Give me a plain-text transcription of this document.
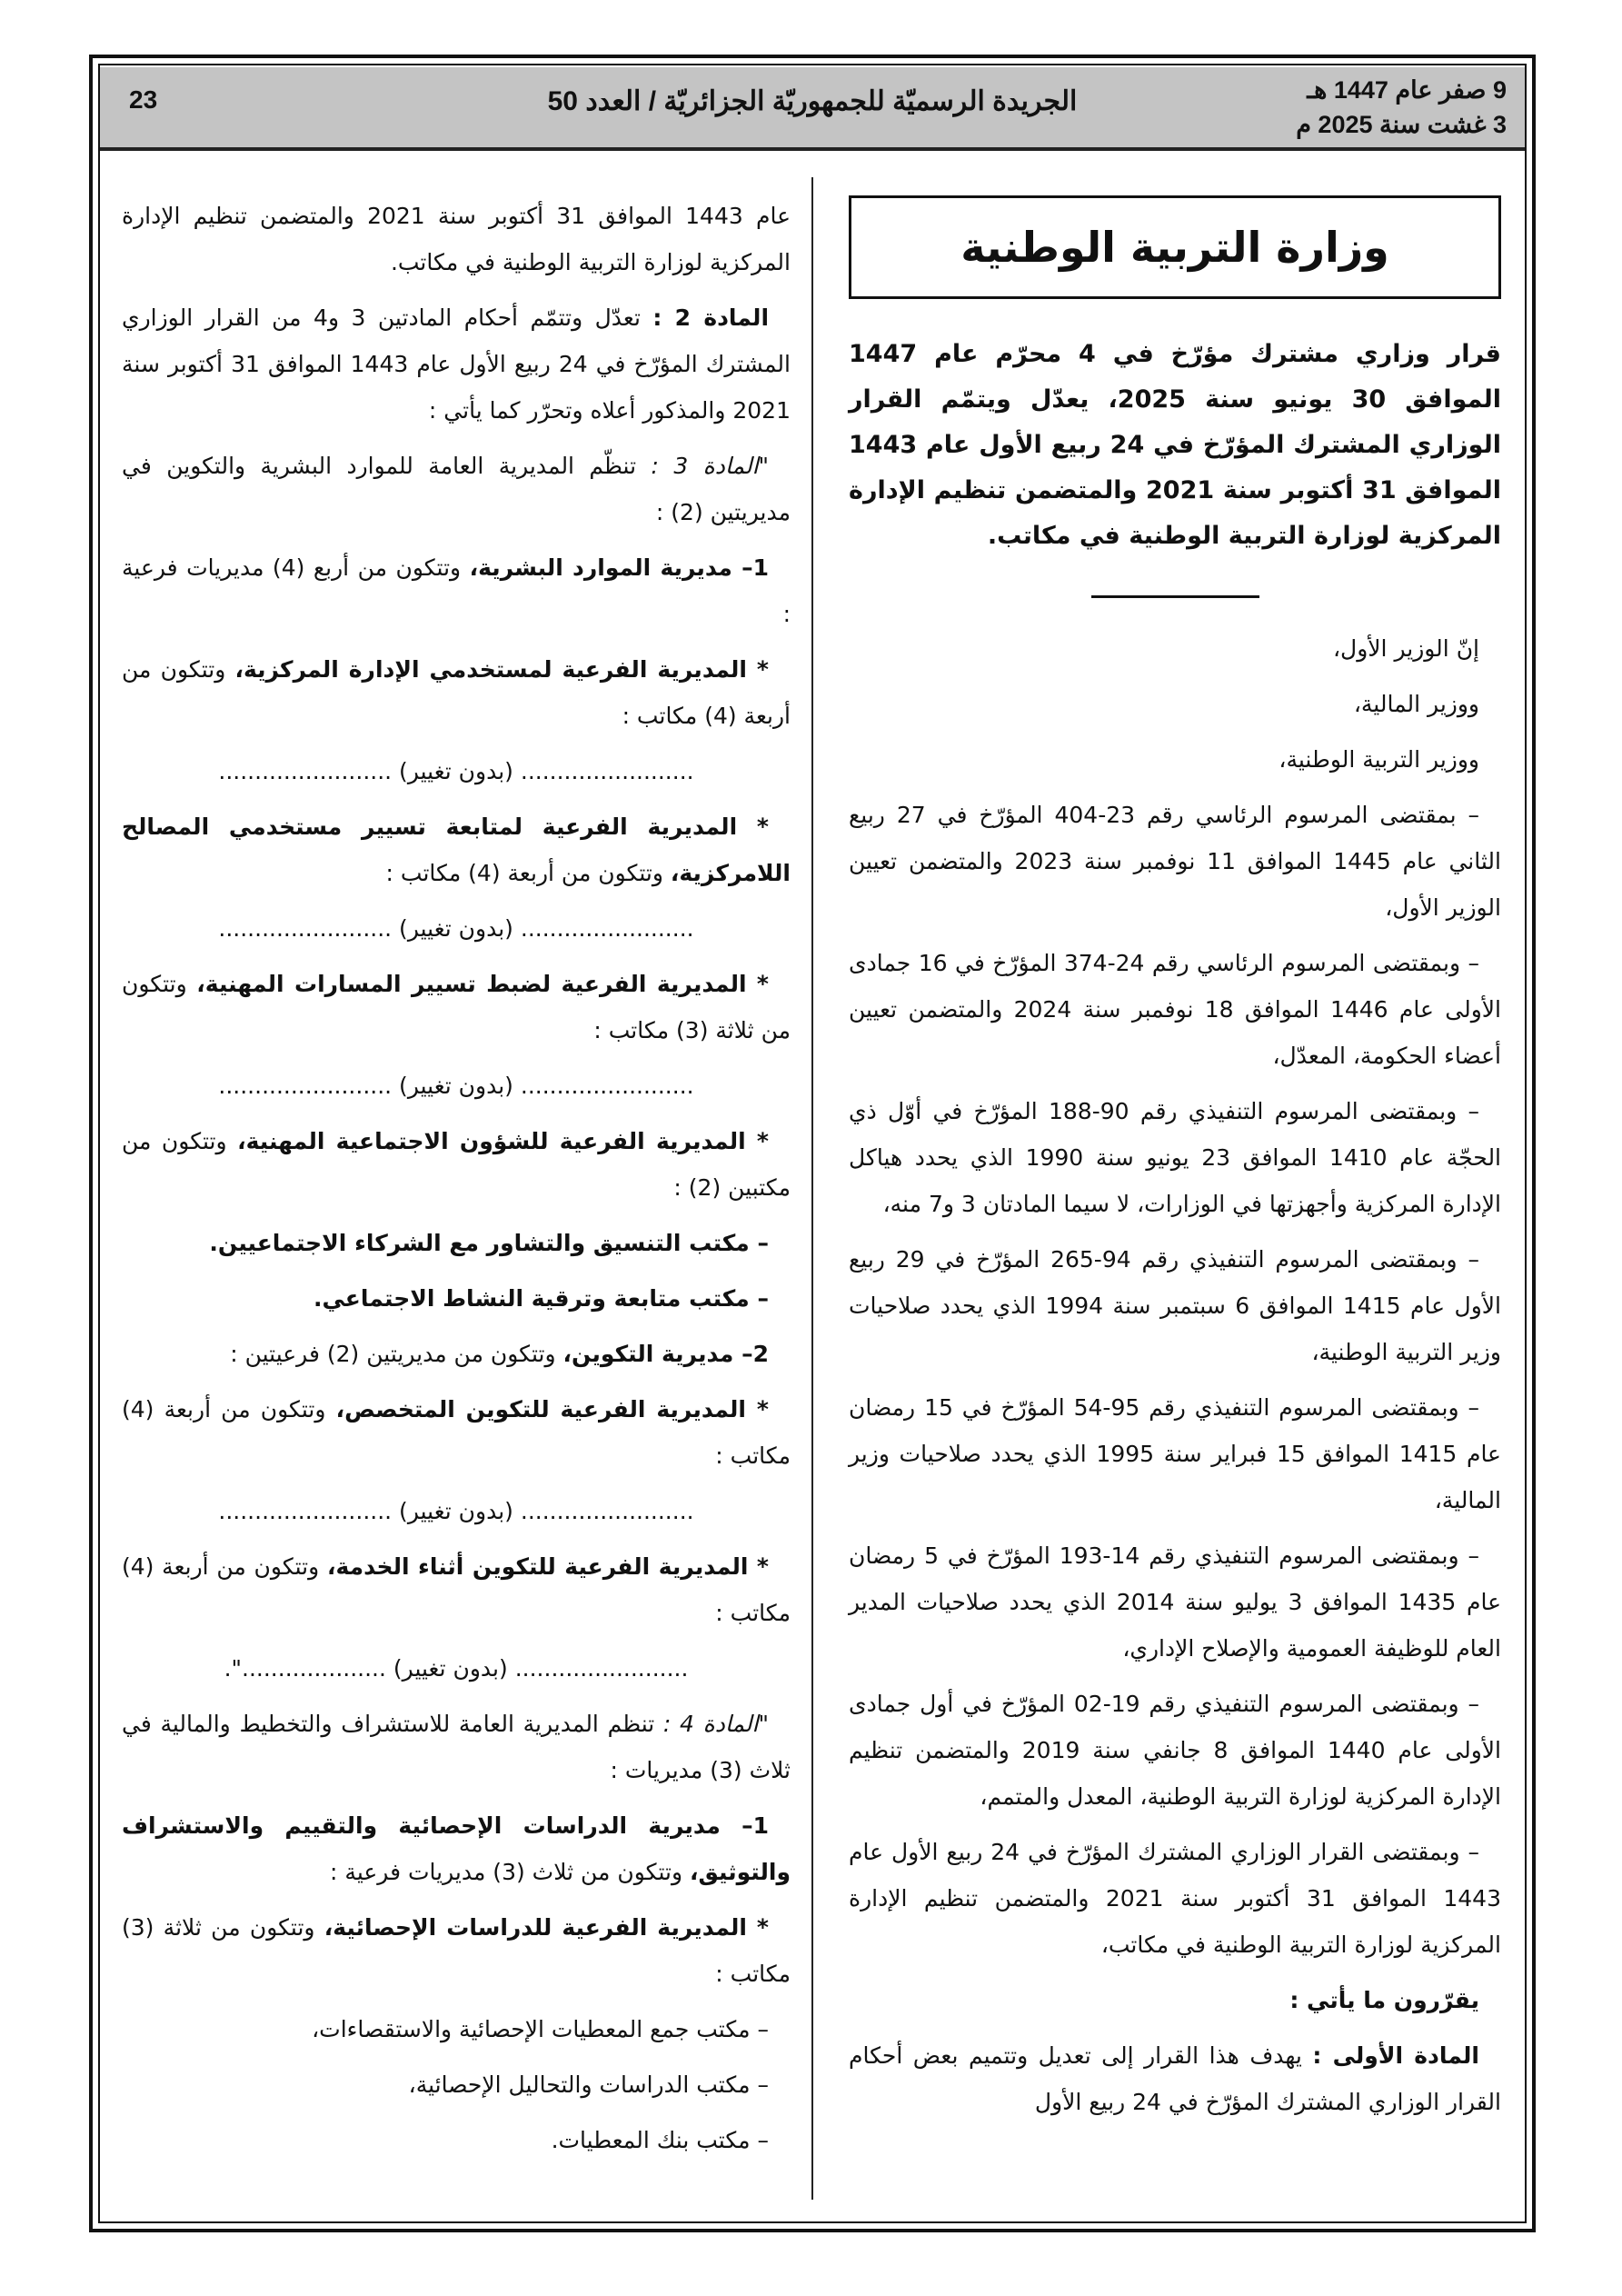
9 صفر عام 1447 هـ
3 غشت سنة 2025 م
الجريدة الرسميّة للجمهوريّة الجزائريّة / العدد 50
23
وزارة التربية الوطنية
قرار وزاري مشترك مؤرّخ في 4 محرّم عام 1447 الموافق 30 يونيو سنة 2025، يعدّل ويتمّم القرار الوزاري المشترك المؤرّخ في 24 ربيع الأول عام 1443 الموافق 31 أكتوبر سنة 2021 والمتضمن تنظيم الإدارة المركزية لوزارة التربية الوطنية في مكاتب.

إنّ الوزير الأول،

ووزير المالية،

ووزير التربية الوطنية،

– بمقتضى المرسوم الرئاسي رقم 23-404 المؤرّخ في 27 ربيع الثاني عام 1445 الموافق 11 نوفمبر سنة 2023 والمتضمن تعيين الوزير الأول،

– وبمقتضى المرسوم الرئاسي رقم 24-374 المؤرّخ في 16 جمادى الأولى عام 1446 الموافق 18 نوفمبر سنة 2024 والمتضمن تعيين أعضاء الحكومة، المعدّل،

– وبمقتضى المرسوم التنفيذي رقم 90-188 المؤرّخ في أوّل ذي الحجّة عام 1410 الموافق 23 يونيو سنة 1990 الذي يحدد هياكل الإدارة المركزية وأجهزتها في الوزارات، لا سيما المادتان 3 و7 منه،

– وبمقتضى المرسوم التنفيذي رقم 94-265 المؤرّخ في 29 ربيع الأول عام 1415 الموافق 6 سبتمبر سنة 1994 الذي يحدد صلاحيات وزير التربية الوطنية،

– وبمقتضى المرسوم التنفيذي رقم 95-54 المؤرّخ في 15 رمضان عام 1415 الموافق 15 فبراير سنة 1995 الذي يحدد صلاحيات وزير المالية،

– وبمقتضى المرسوم التنفيذي رقم 14-193 المؤرّخ في 5 رمضان عام 1435 الموافق 3 يوليو سنة 2014 الذي يحدد صلاحيات المدير العام للوظيفة العمومية والإصلاح الإداري،

– وبمقتضى المرسوم التنفيذي رقم 19-02 المؤرّخ في أول جمادى الأولى عام 1440 الموافق 8 جانفي سنة 2019 والمتضمن تنظيم الإدارة المركزية لوزارة التربية الوطنية، المعدل والمتمم،

– وبمقتضى القرار الوزاري المشترك المؤرّخ في 24 ربيع الأول عام 1443 الموافق 31 أكتوبر سنة 2021 والمتضمن تنظيم الإدارة المركزية لوزارة التربية الوطنية في مكاتب،

يقرّرون ما يأتي :

المادة الأولى : يهدف هذا القرار إلى تعديل وتتميم بعض أحكام القرار الوزاري المشترك المؤرّخ في 24 ربيع الأول

عام 1443 الموافق 31 أكتوبر سنة 2021 والمتضمن تنظيم الإدارة المركزية لوزارة التربية الوطنية في مكاتب.

المادة 2 : تعدّل وتتمّم أحكام المادتين 3 و4 من القرار الوزاري المشترك المؤرّخ في 24 ربيع الأول عام 1443 الموافق 31 أكتوبر سنة 2021 والمذكور أعلاه وتحرّر كما يأتي :

"المادة 3 : تنظّم المديرية العامة للموارد البشرية والتكوين في مديريتين (2) :

1– مديرية الموارد البشرية، وتتكون من أربع (4) مديريات فرعية :

* المديرية الفرعية لمستخدمي الإدارة المركزية، وتتكون من أربعة (4) مكاتب :

........................ (بدون تغيير) ........................

* المديرية الفرعية لمتابعة تسيير مستخدمي المصالح اللامركزية، وتتكون من أربعة (4) مكاتب :

........................ (بدون تغيير) ........................

* المديرية الفرعية لضبط تسيير المسارات المهنية، وتتكون من ثلاثة (3) مكاتب :

........................ (بدون تغيير) ........................

* المديرية الفرعية للشؤون الاجتماعية المهنية، وتتكون من مكتبين (2) :

– مكتب التنسيق والتشاور مع الشركاء الاجتماعيين.

– مكتب متابعة وترقية النشاط الاجتماعي.

2– مديرية التكوين، وتتكون من مديريتين (2) فرعيتين :

* المديرية الفرعية للتكوين المتخصص، وتتكون من أربعة (4) مكاتب :

........................ (بدون تغيير) ........................

* المديرية الفرعية للتكوين أثناء الخدمة، وتتكون من أربعة (4) مكاتب :

........................ (بدون تغيير) ....................".

"المادة 4 : تنظم المديرية العامة للاستشراف والتخطيط والمالية في ثلاث (3) مديريات :

1– مديرية الدراسات الإحصائية والتقييم والاستشراف والتوثيق، وتتكون من ثلاث (3) مديريات فرعية :

* المديرية الفرعية للدراسات الإحصائية، وتتكون من ثلاثة (3) مكاتب :

– مكتب جمع المعطيات الإحصائية والاستقصاءات،

– مكتب الدراسات والتحاليل الإحصائية،

– مكتب بنك المعطيات.
